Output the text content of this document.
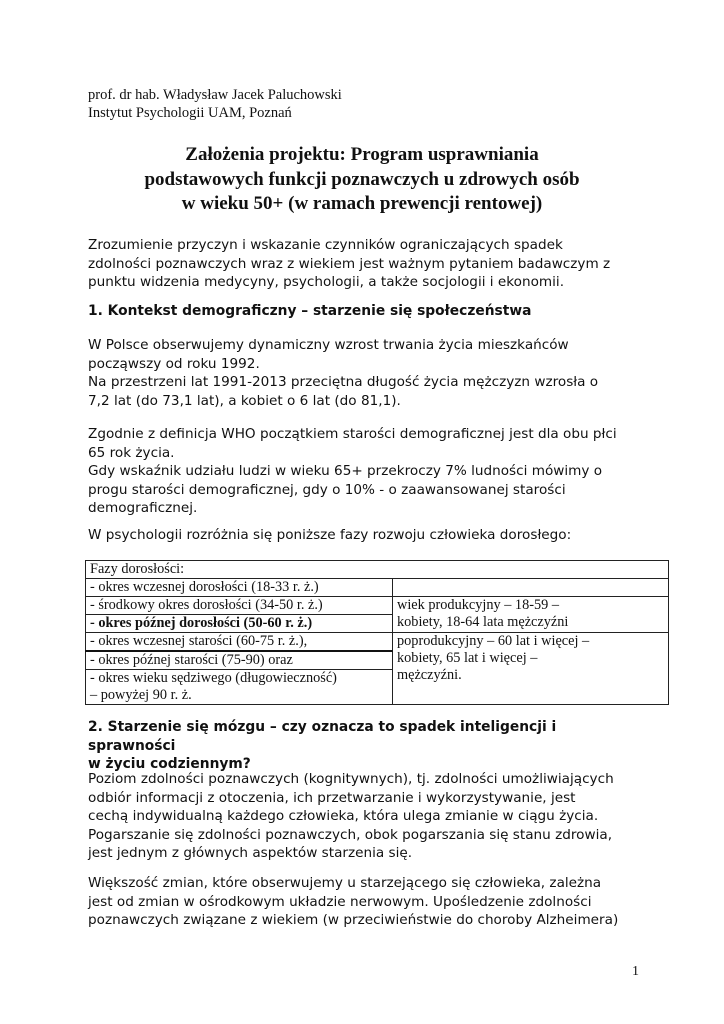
prof. dr hab. Władysław Jacek Paluchowski
Instytut Psychologii UAM, Poznań
Założenia projektu: Program usprawniania
podstawowych funkcji poznawczych u zdrowych osób
w wieku 50+ (w ramach prewencji rentowej)

Zrozumienie przyczyn i wskazanie czynników ograniczających spadek

zdolności poznawczych wraz z wiekiem jest ważnym pytaniem badawczym z

punktu widzenia medycyny, psychologii, a także socjologii i ekonomii.

1. Kontekst demograficzny – starzenie się społeczeństwa

W Polsce obserwujemy dynamiczny wzrost trwania życia mieszkańców

począwszy od roku 1992.

Na przestrzeni lat 1991-2013 przeciętna długość życia mężczyzn wzrosła o

7,2 lat (do 73,1 lat), a kobiet o 6 lat (do 81,1).

Zgodnie z definicja WHO początkiem starości demograficznej jest dla obu płci

65 rok życia.

Gdy wskaźnik udziału ludzi w wieku 65+ przekroczy 7% ludności mówimy o

progu starości demograficznej, gdy o 10% - o zaawansowanej starości

demograficznej.

W psychologii rozróżnia się poniższe fazy rozwoju człowieka dorosłego:
Fazy dorosłości:	
- okres wczesnej dorosłości (18-33 r. ż.)	
- środkowy okres dorosłości (34-50 r. ż.)	wiek produkcyjny – 18-59 –
kobiety, 18-64 lata mężczyźni

- okres późnej dorosłości (50-60 r. ż.)	
- okres wczesnej starości (60-75 r. ż.),	poprodukcyjny – 60 lat i więcej –
kobiety, 65 lat i więcej –
mężczyźni.

- okres późnej starości (75-90) oraz	

- okres wieku sędziwego (długowieczność)
– powyżej 90 r. ż.	
2. Starzenie się mózgu – czy oznacza to spadek inteligencji i sprawności
w życiu codziennym?

Poziom zdolności poznawczych (kognitywnych), tj. zdolności umożliwiających

odbiór informacji z otoczenia, ich przetwarzanie i wykorzystywanie, jest

cechą indywidualną każdego człowieka, która ulega zmianie w ciągu życia.

Pogarszanie się zdolności poznawczych, obok pogarszania się stanu zdrowia,

jest jednym z głównych aspektów starzenia się.

Większość zmian, które obserwujemy u starzejącego się człowieka, zależna

jest od zmian w ośrodkowym układzie nerwowym. Upośledzenie zdolności

poznawczych związane z wiekiem (w przeciwieństwie do choroby Alzheimera)

1
